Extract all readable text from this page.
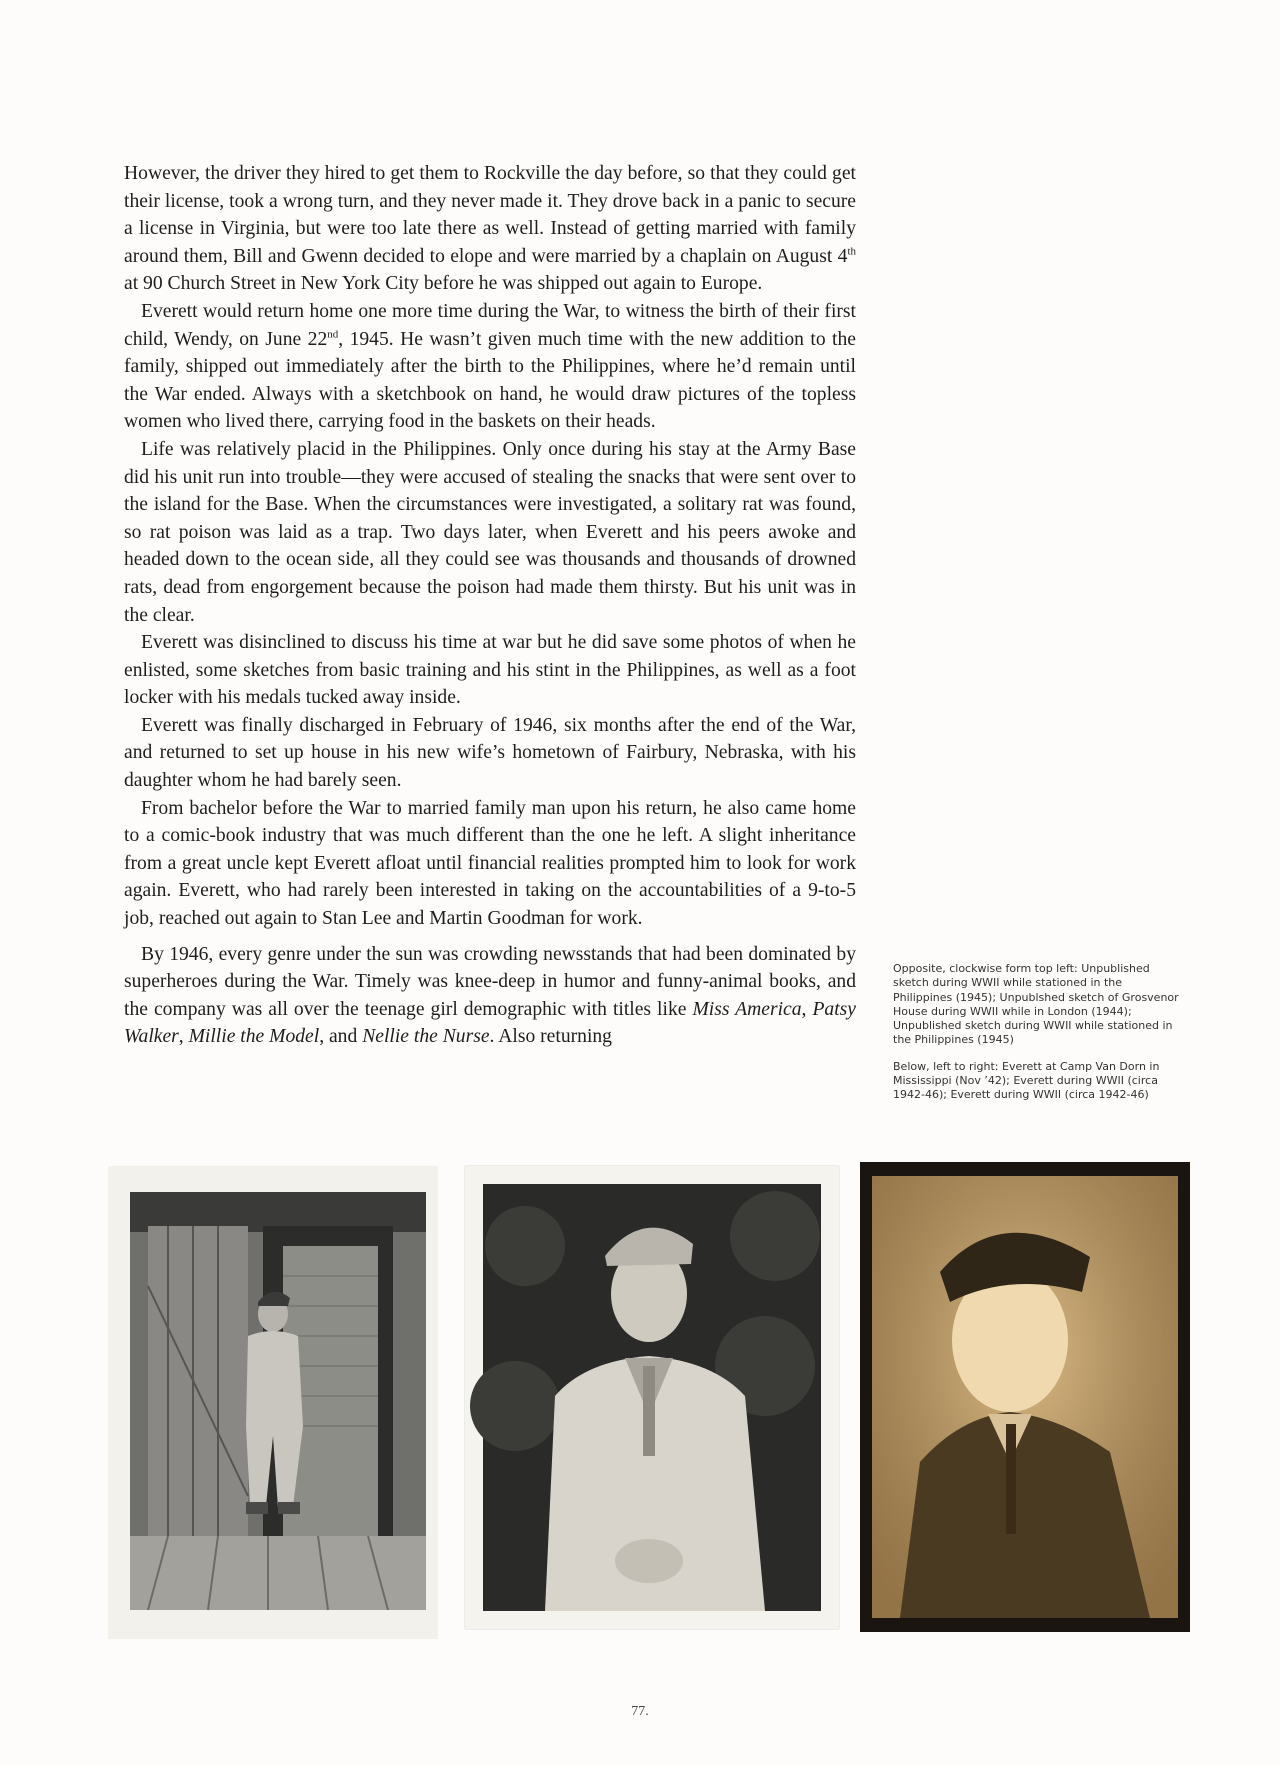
However, the driver they hired to get them to Rockville the day before, so that they could get their license, took a wrong turn, and they never made it. They drove back in a panic to secure a license in Virginia, but were too late there as well. Instead of getting married with family around them, Bill and Gwenn decided to elope and were married by a chaplain on August 4th at 90 Church Street in New York City before he was shipped out again to Europe.

Everett would return home one more time during the War, to witness the birth of their first child, Wendy, on June 22nd, 1945. He wasn’t given much time with the new addition to the family, shipped out immediately after the birth to the Philippines, where he’d remain until the War ended. Always with a sketchbook on hand, he would draw pictures of the topless women who lived there, carrying food in the baskets on their heads.

Life was relatively placid in the Philippines. Only once during his stay at the Army Base did his unit run into trouble—they were accused of stealing the snacks that were sent over to the island for the Base. When the circumstances were investigated, a solitary rat was found, so rat poison was laid as a trap. Two days later, when Everett and his peers awoke and headed down to the ocean side, all they could see was thousands and thousands of drowned rats, dead from engorgement because the poison had made them thirsty. But his unit was in the clear.

Everett was disinclined to discuss his time at war but he did save some photos of when he enlisted, some sketches from basic training and his stint in the Philippines, as well as a foot locker with his medals tucked away inside.

Everett was finally discharged in February of 1946, six months after the end of the War, and returned to set up house in his new wife’s hometown of Fairbury, Nebraska, with his daughter whom he had barely seen.

From bachelor before the War to married family man upon his return, he also came home to a comic-book industry that was much different than the one he left. A slight inheritance from a great uncle kept Everett afloat until financial realities prompted him to look for work again. Everett, who had rarely been interested in taking on the accountabilities of a 9-to-5 job, reached out again to Stan Lee and Martin Goodman for work.

By 1946, every genre under the sun was crowding newsstands that had been dominated by superheroes during the War. Timely was knee-deep in humor and funny-animal books, and the company was all over the teenage girl demographic with titles like Miss America, Patsy Walker, Millie the Model, and Nellie the Nurse. Also returning

Opposite, clockwise form top left: Unpublished sketch during WWII while stationed in the Philippines (1945); Unpublshed sketch of Grosvenor House during WWII while in London (1944); Unpublished sketch during WWII while stationed in the Philippines (1945)

Below, left to right: Everett at Camp Van Dorn in Mississippi (Nov ’42); Everett during WWII (circa 1942-46); Everett during WWII (circa 1942-46)

77.
